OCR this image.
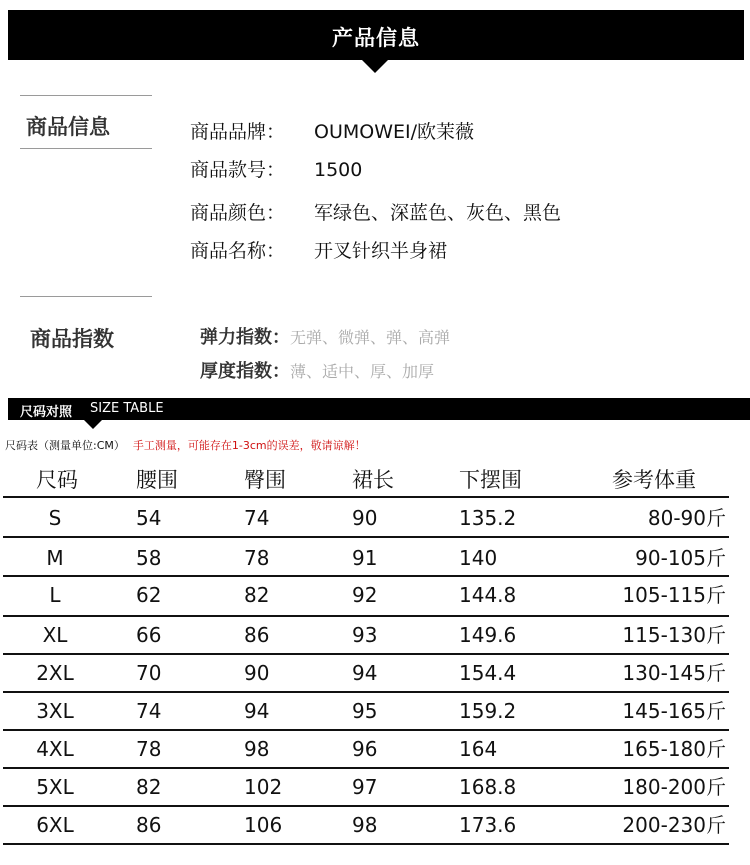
产品信息
商品信息	商品品牌： OUMOWEI/欧茉薇
商品款号： 1500
商品颜色： 军绿色、深蓝色、灰色、黑色
商品名称： 开叉针织半身裙
商品指数	弹力指数：无弹、微弹、弹、高弹
厚度指数：薄、适中、厚、加厚
尺码对照 SIZE TABLE
尺码表（测量单位:CM） 手工测量，可能存在1-3cm的误差，敬请谅解！
尺码	腰围	臀围	裙长	下摆围	参考体重
S	54	74	90	135.2	80-90斤
M	58	78	91	140	90-105斤
L	62	82	92	144.8	105-115斤
XL	66	86	93	149.6	115-130斤
2XL	70	90	94	154.4	130-145斤
3XL	74	94	95	159.2	145-165斤
4XL	78	98	96	164	165-180斤
5XL	82	102	97	168.8	180-200斤
6XL	86	106	98	173.6	200-230斤
